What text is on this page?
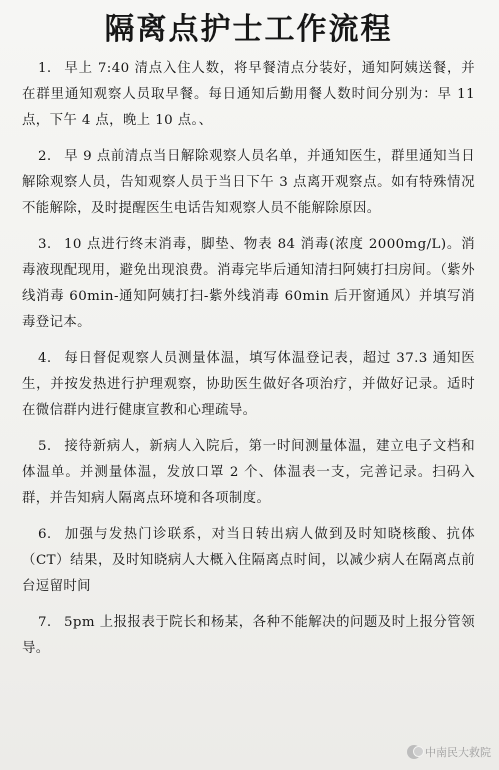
隔离点护士工作流程
1. 早上 7:40 清点入住人数，将早餐清点分装好，通知阿姨送餐，并在群里通知观察人员取早餐。每日通知后勤用餐人数时间分别为：早 11 点，下午 4 点，晚上 10 点。、
2. 早 9 点前清点当日解除观察人员名单，并通知医生，群里通知当日解除观察人员，告知观察人员于当日下午 3 点离开观察点。如有特殊情况不能解除，及时提醒医生电话告知观察人员不能解除原因。
3. 10 点进行终末消毒，脚垫、物表 84 消毒(浓度 2000mg/L)。消毒液现配现用，避免出现浪费。消毒完毕后通知清扫阿姨打扫房间。（紫外线消毒 60min-通知阿姨打扫-紫外线消毒 60min 后开窗通风）并填写消毒登记本。
4. 每日督促观察人员测量体温，填写体温登记表，超过 37.3 通知医生，并按发热进行护理观察，协助医生做好各项治疗，并做好记录。适时在微信群内进行健康宣教和心理疏导。
5. 接待新病人，新病人入院后，第一时间测量体温，建立电子文档和体温单。并测量体温，发放口罩 2 个、体温表一支，完善记录。扫码入群，并告知病人隔离点环境和各项制度。
6. 加强与发热门诊联系，对当日转出病人做到及时知晓核酸、抗体（CT）结果，及时知晓病人大概入住隔离点时间，以减少病人在隔离点前台逗留时间
7. 5pm 上报报表于院长和杨某，各种不能解决的问题及时上报分管领导。
中南民大救院
